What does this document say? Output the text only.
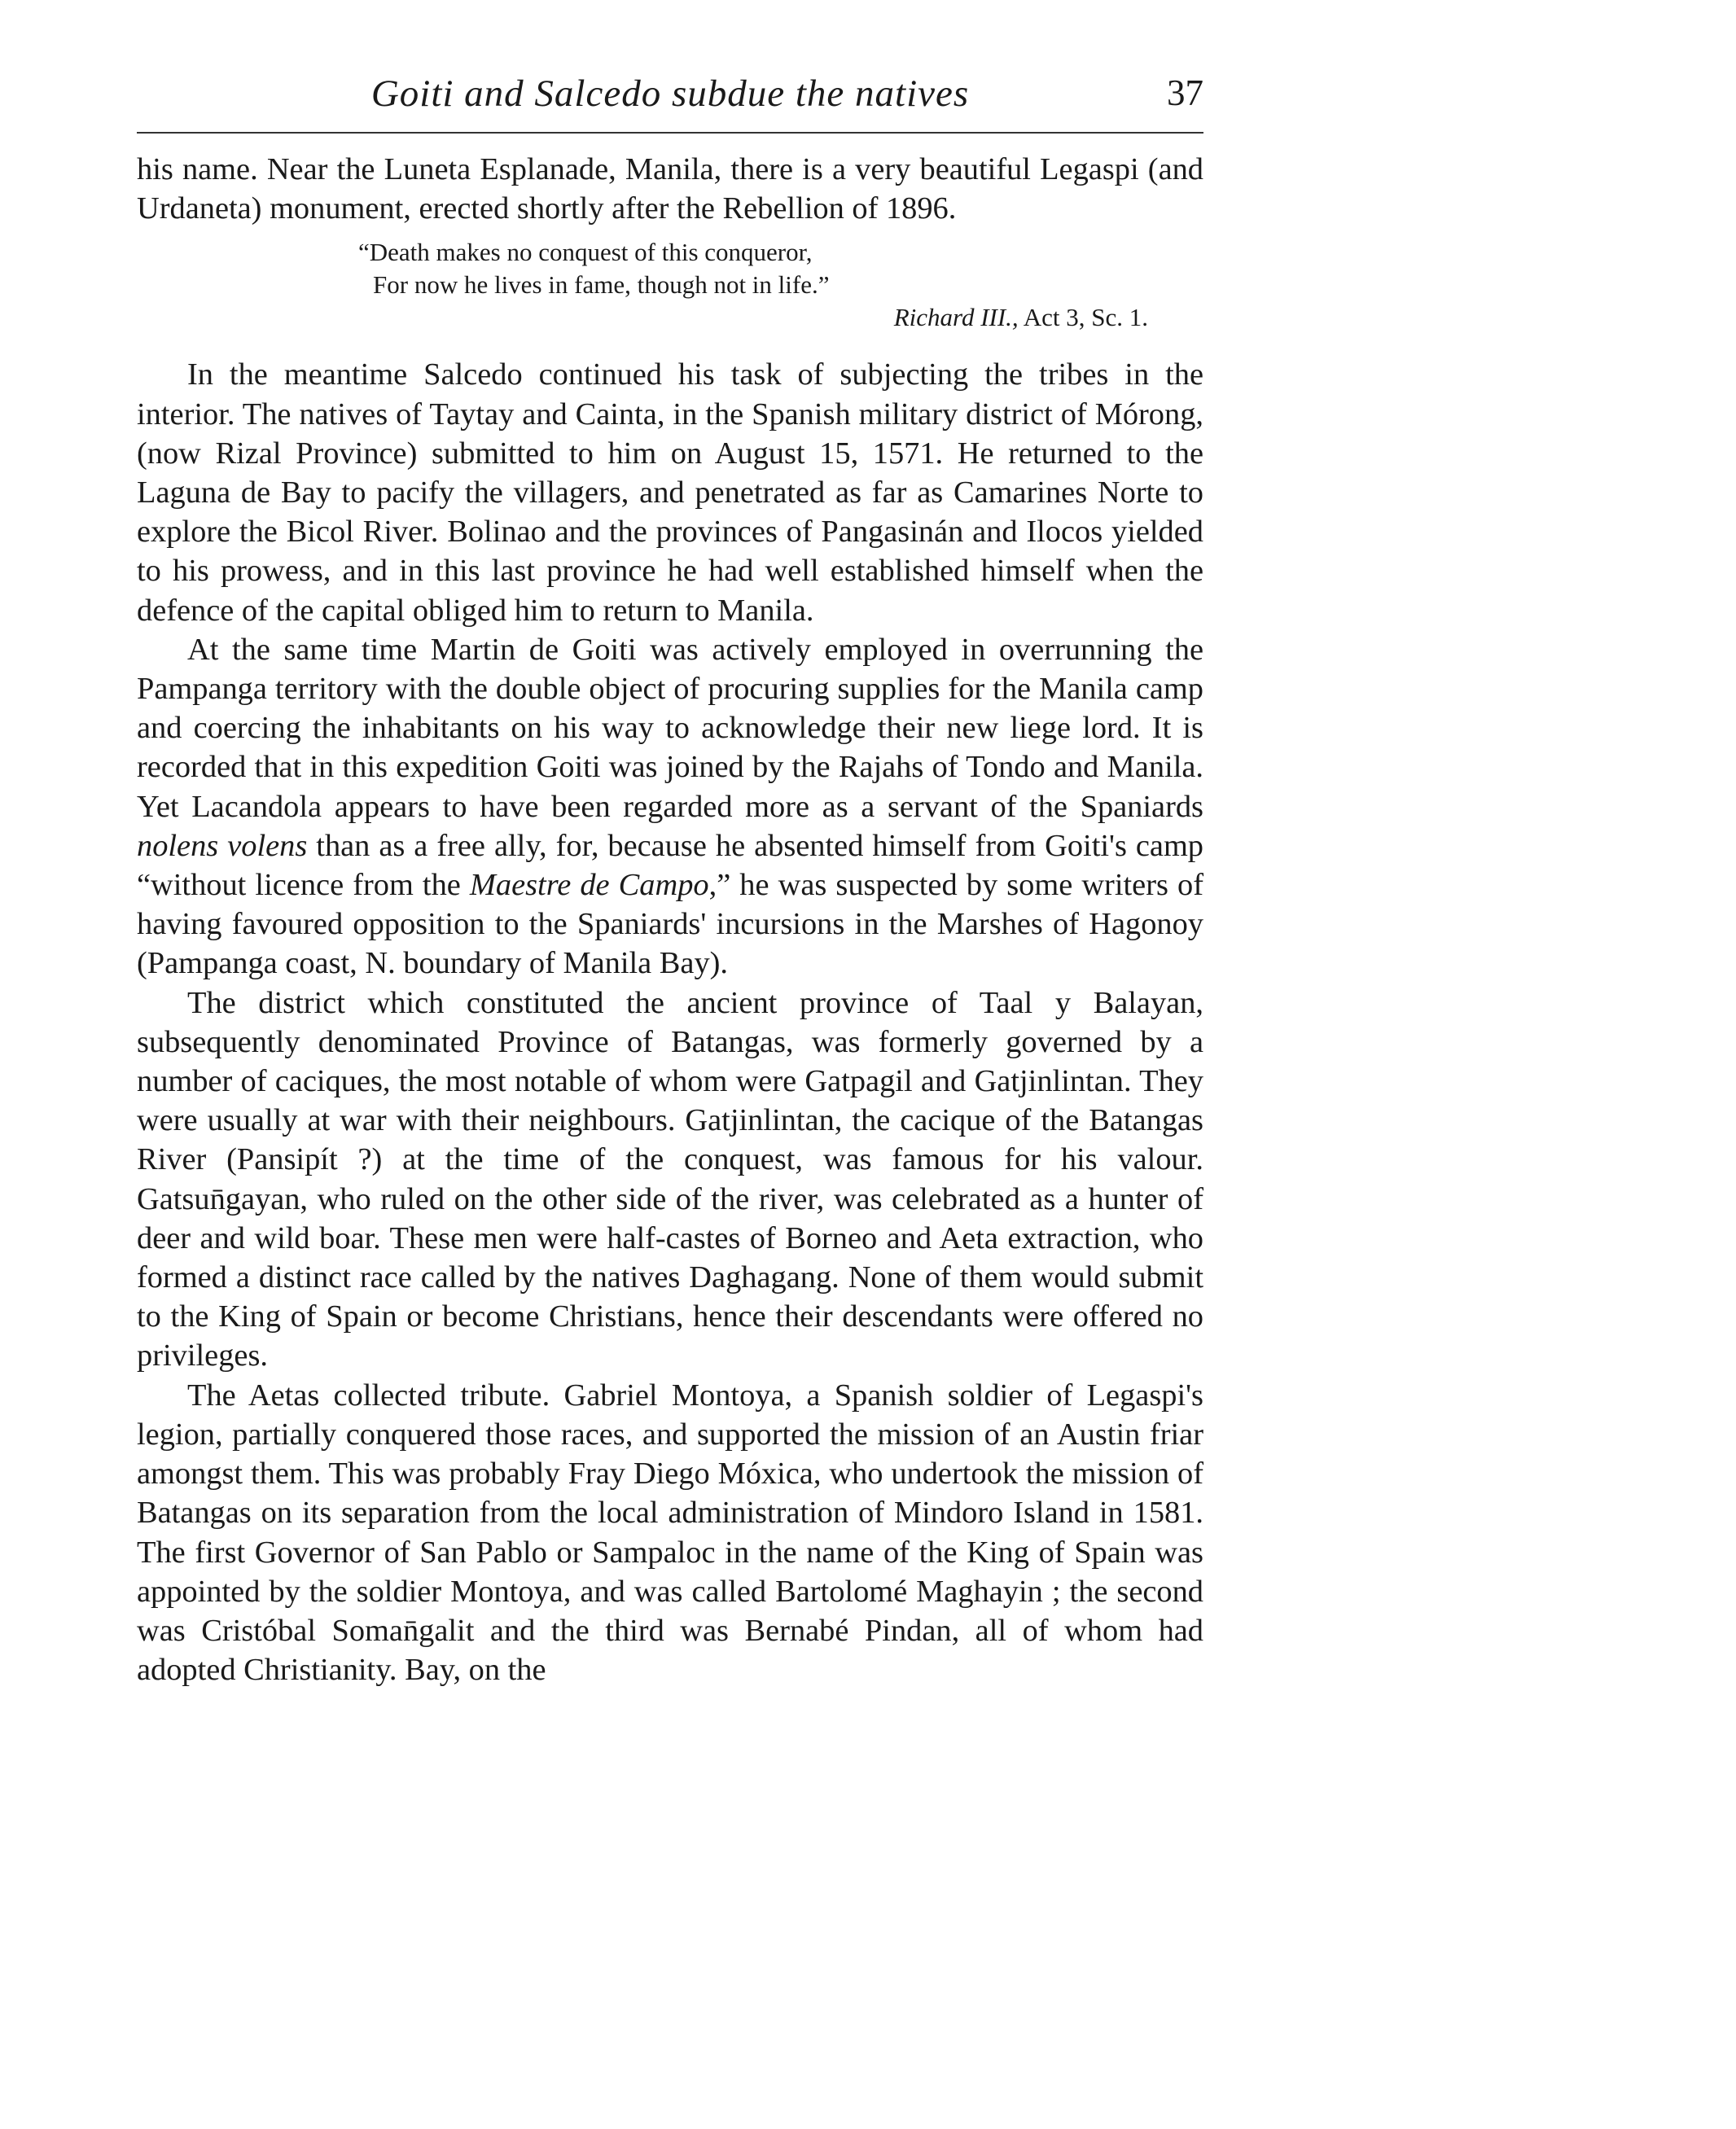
Goiti and Salcedo subdue the natives	37

his name. Near the Luneta Esplanade, Manila, there is a very beautiful Legaspi (and Urdaneta) monument, erected shortly after the Rebellion of 1896.

“Death makes no conquest of this conqueror,
For now he lives in fame, though not in life.”
Richard III., Act 3, Sc. 1.

In the meantime Salcedo continued his task of subjecting the tribes in the interior. The natives of Taytay and Cainta, in the Spanish military district of Mórong, (now Rizal Province) submitted to him on August 15, 1571. He returned to the Laguna de Bay to pacify the villagers, and penetrated as far as Camarines Norte to explore the Bicol River. Bolinao and the provinces of Pangasinán and Ilocos yielded to his prowess, and in this last province he had well established himself when the defence of the capital obliged him to return to Manila.

At the same time Martin de Goiti was actively employed in overrunning the Pampanga territory with the double object of procuring supplies for the Manila camp and coercing the inhabitants on his way to acknowledge their new liege lord. It is recorded that in this expedition Goiti was joined by the Rajahs of Tondo and Manila. Yet Lacandola appears to have been regarded more as a servant of the Spaniards nolens volens than as a free ally, for, because he absented himself from Goiti's camp “without licence from the Maestre de Campo,” he was suspected by some writers of having favoured opposition to the Spaniards' incursions in the Marshes of Hagonoy (Pampanga coast, N. boundary of Manila Bay).

The district which constituted the ancient province of Taal y Balayan, subsequently denominated Province of Batangas, was formerly governed by a number of caciques, the most notable of whom were Gatpagil and Gatjinlintan. They were usually at war with their neighbours. Gatjinlintan, the cacique of the Batangas River (Pansipít ?) at the time of the conquest, was famous for his valour. Gatsun̄gayan, who ruled on the other side of the river, was celebrated as a hunter of deer and wild boar. These men were half-castes of Borneo and Aeta extraction, who formed a distinct race called by the natives Daghagang. None of them would submit to the King of Spain or become Christians, hence their descendants were offered no privileges.

The Aetas collected tribute. Gabriel Montoya, a Spanish soldier of Legaspi's legion, partially conquered those races, and supported the mission of an Austin friar amongst them. This was probably Fray Diego Móxica, who undertook the mission of Batangas on its separation from the local administration of Mindoro Island in 1581. The first Governor of San Pablo or Sampaloc in the name of the King of Spain was appointed by the soldier Montoya, and was called Bartolomé Maghayin ; the second was Cristóbal Soman̄galit and the third was Bernabé Pindan, all of whom had adopted Christianity. Bay, on the
